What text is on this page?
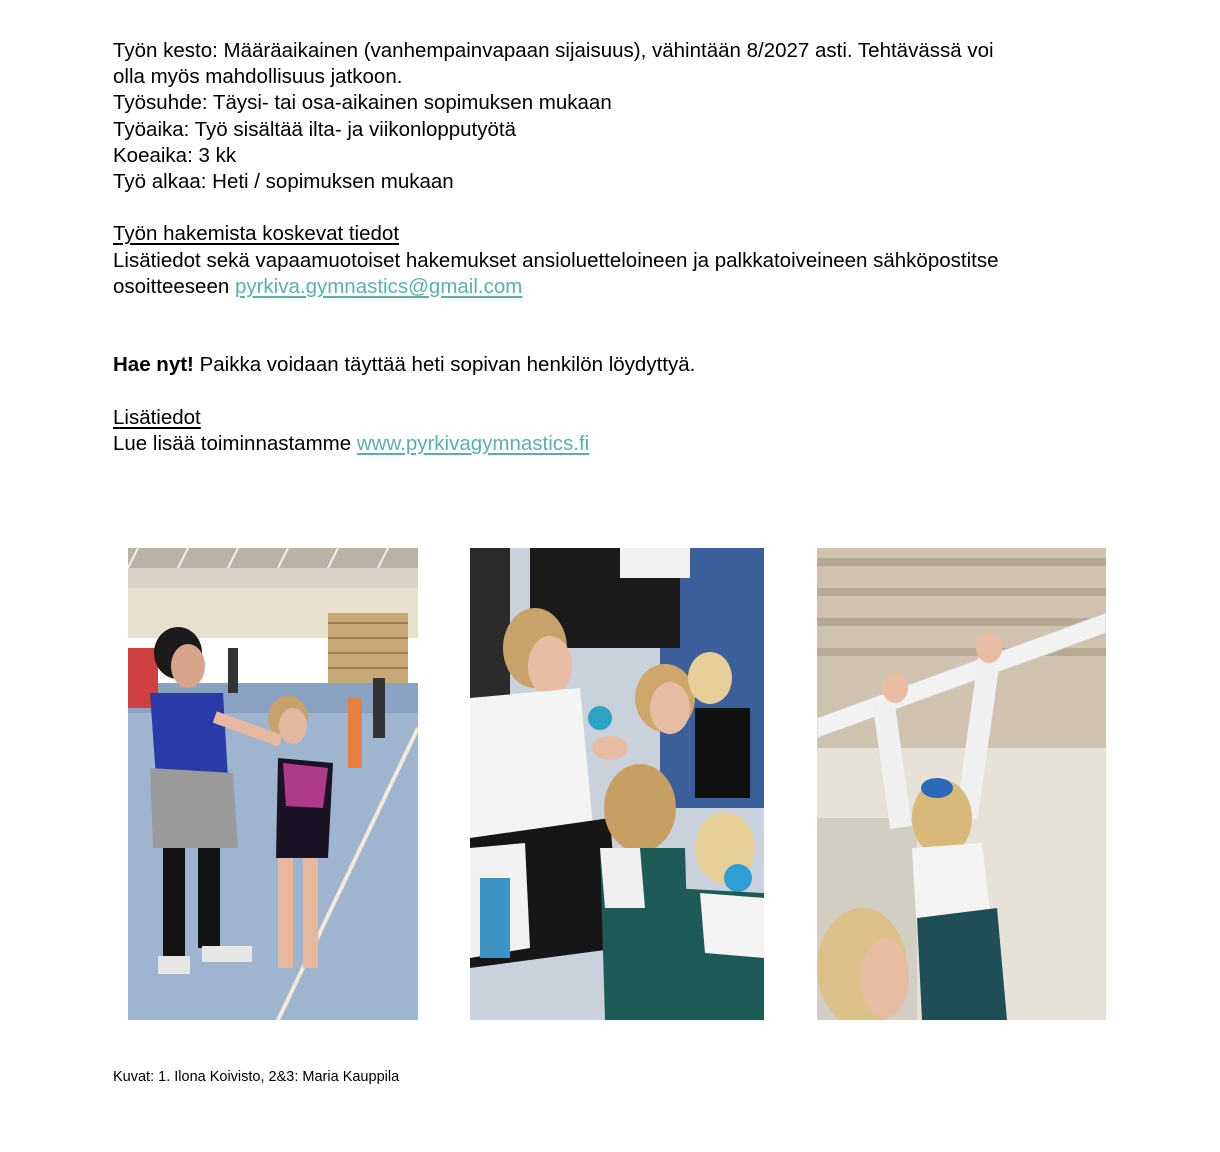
Työn kesto: Määräaikainen (vanhempainvapaan sijaisuus), vähintään 8/2027 asti. Tehtävässä voi
olla myös mahdollisuus jatkoon.
Työsuhde: Täysi- tai osa-aikainen sopimuksen mukaan
Työaika: Työ sisältää ilta- ja viikonlopputyötä
Koeaika: 3 kk
Työ alkaa: Heti / sopimuksen mukaan
Työn hakemista koskevat tiedot
Lisätiedot sekä vapaamuotoiset hakemukset ansioluetteloineen ja palkkatoiveineen sähköpostitse
osoitteeseen pyrkiva.gymnastics@gmail.com
Hae nyt! Paikka voidaan täyttää heti sopivan henkilön löydyttyä.
Lisätiedot
Lue lisää toiminnastamme www.pyrkivagymnastics.fi
Kuvat: 1. Ilona Koivisto, 2&3: Maria Kauppila
